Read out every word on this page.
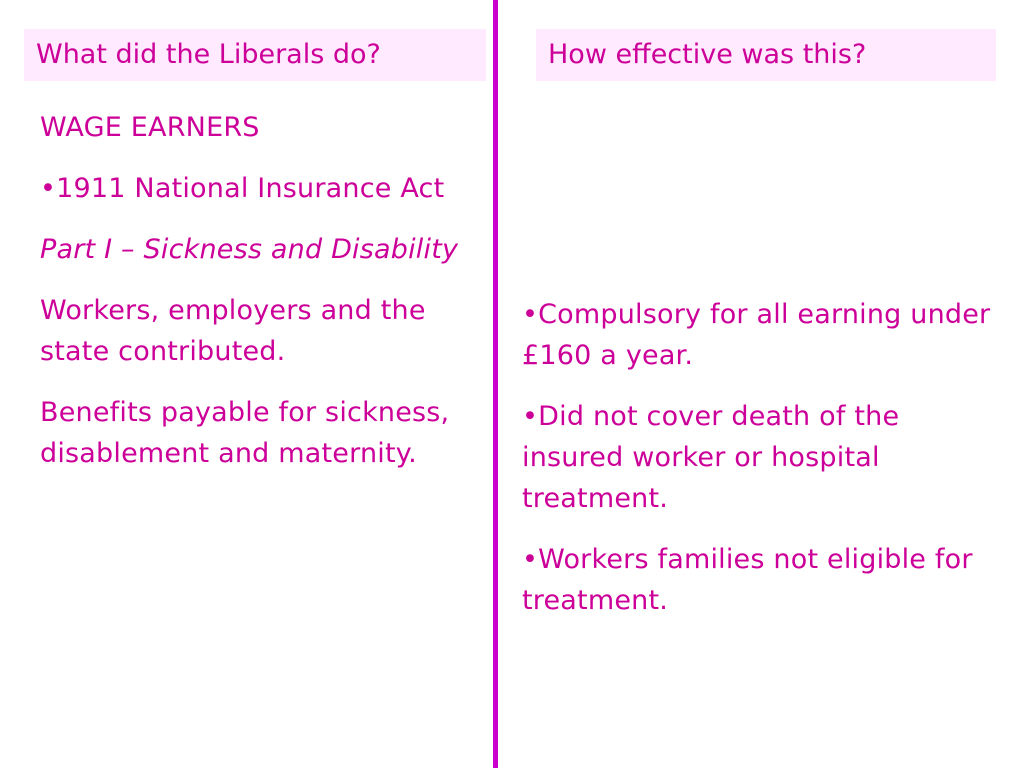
What did the Liberals do?	How effective was this?

WAGE EARNERS

•1911 National Insurance Act

Part I – Sickness and Disability

Workers, employers and the state contributed.

Benefits payable for sickness, disablement and maternity.

•Compulsory for all earning under £160 a year.

•Did not cover death of the insured worker or hospital treatment.

•Workers families not eligible for treatment.
